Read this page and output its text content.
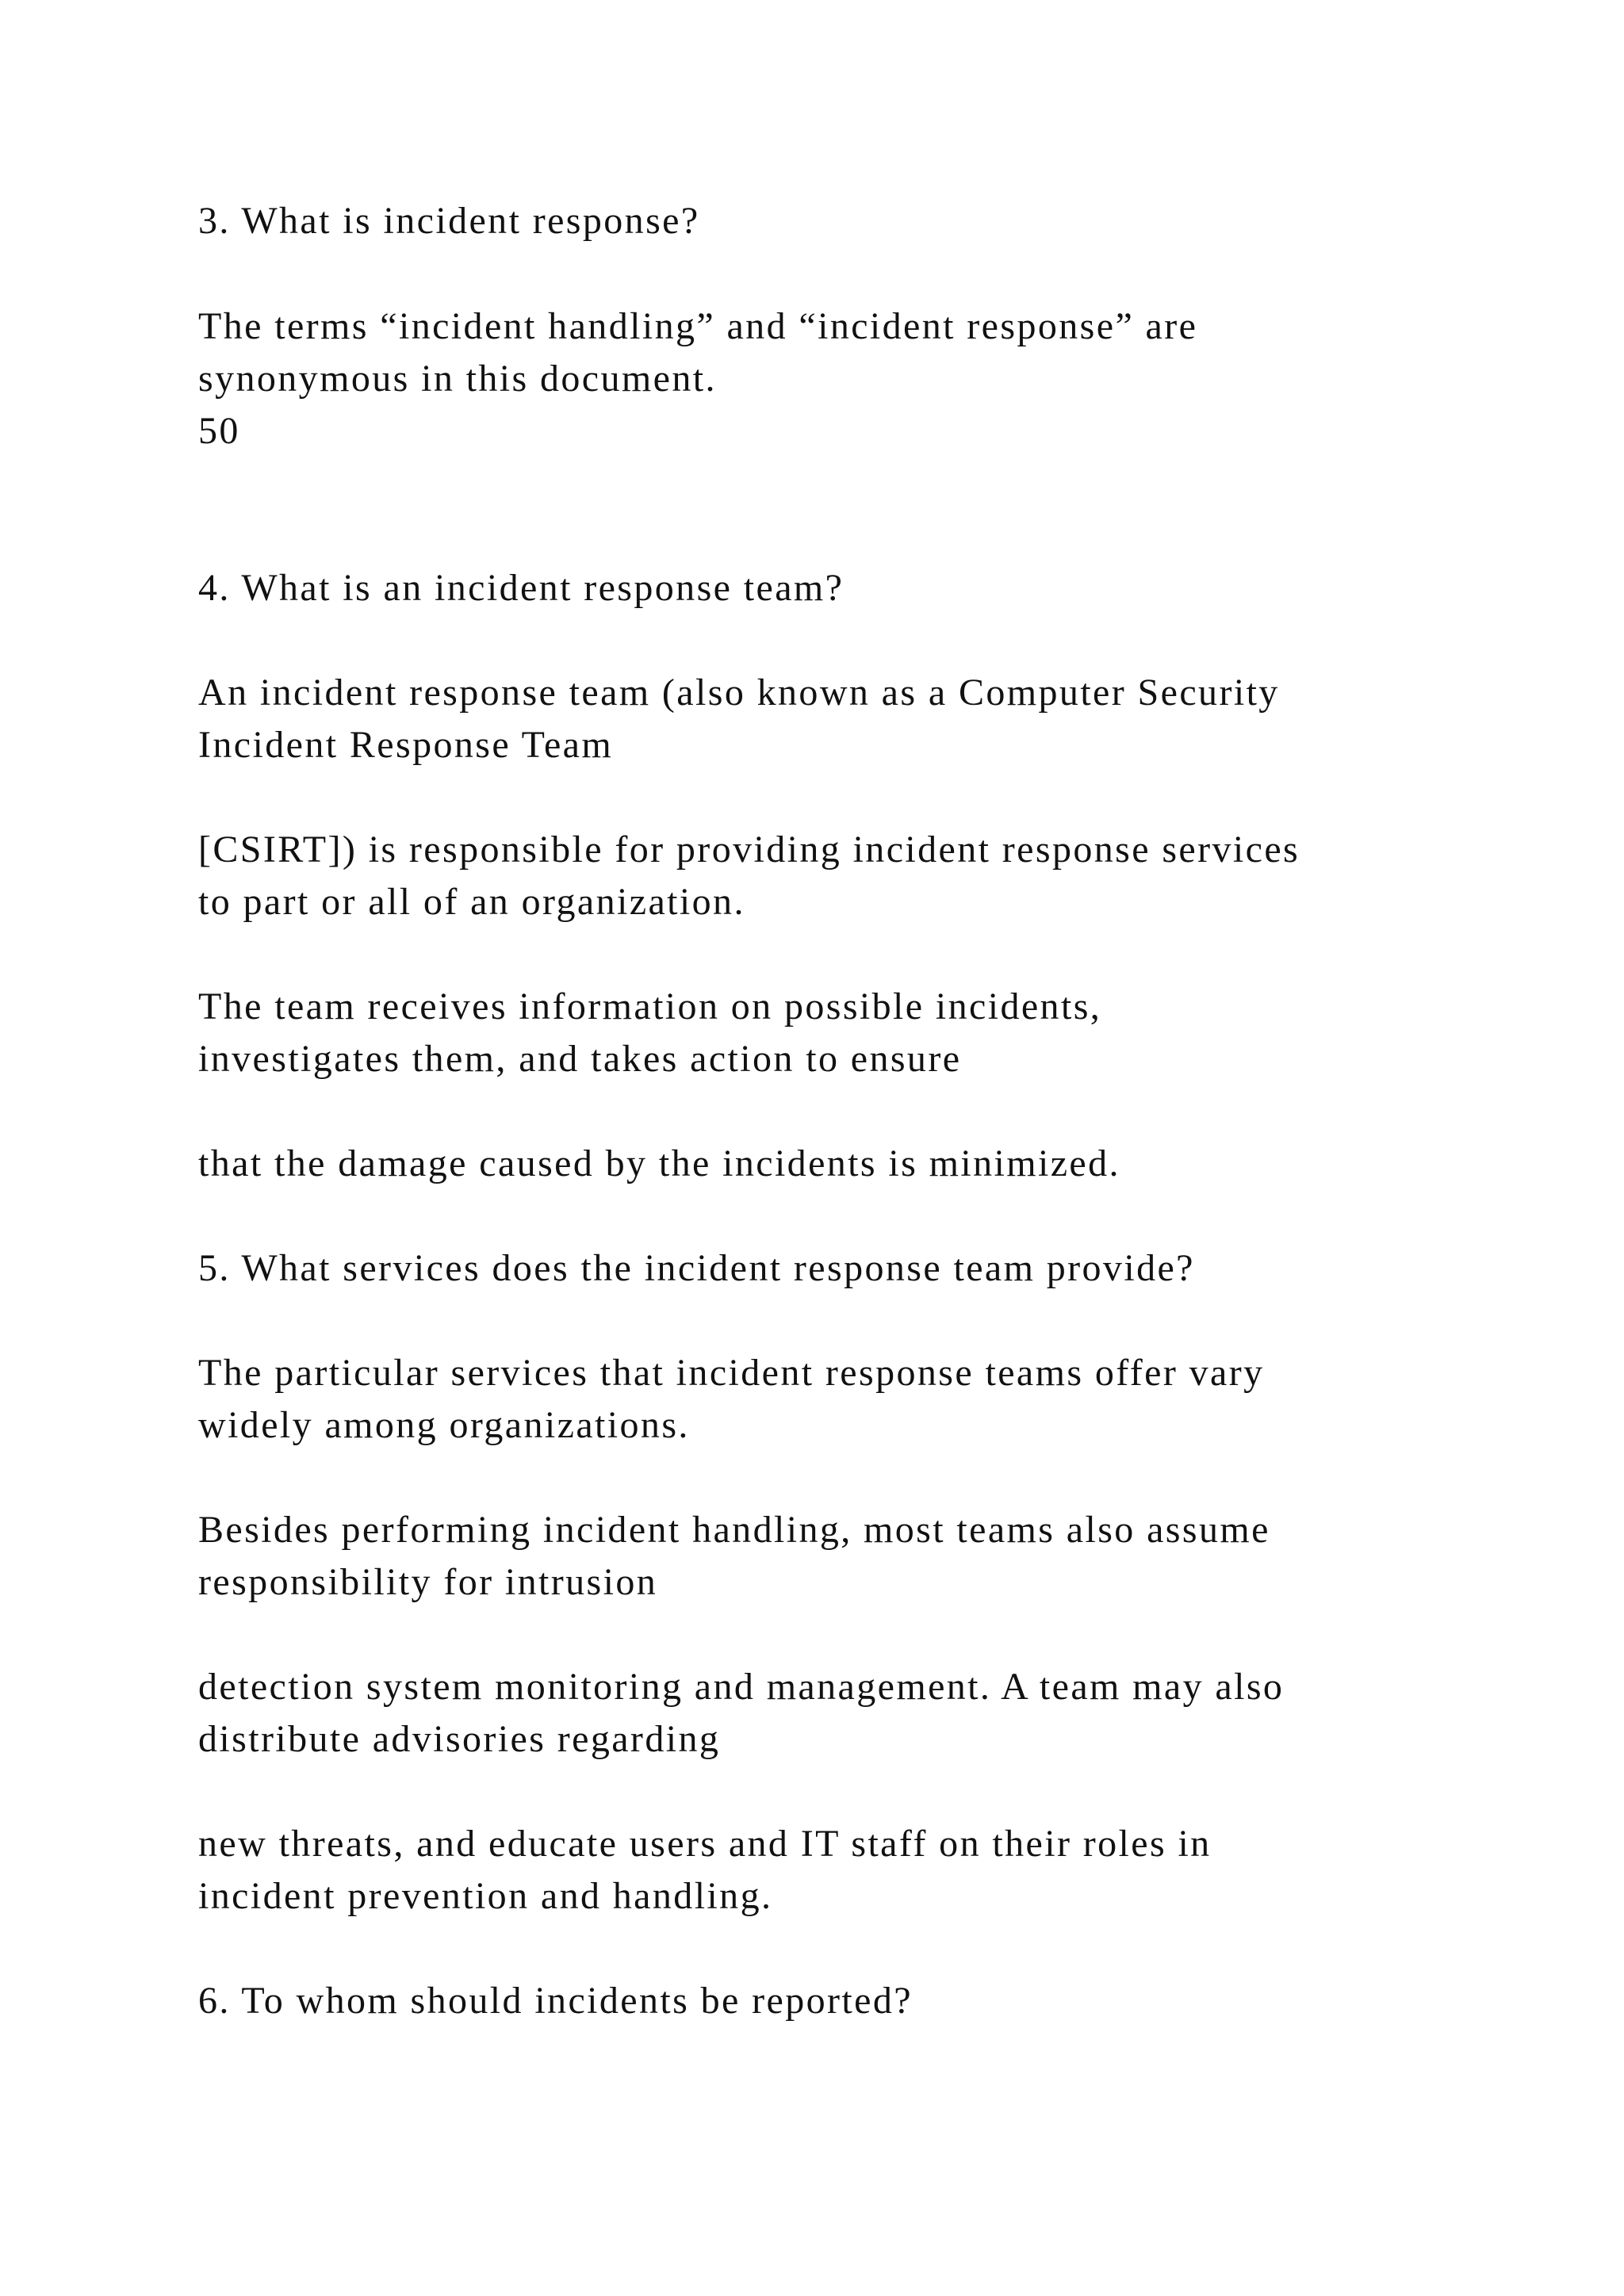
3. What is incident response?

The terms “incident handling” and “incident response” are

synonymous in this document.

50

4. What is an incident response team?

An incident response team (also known as a Computer Security

Incident Response Team

[CSIRT]) is responsible for providing incident response services

to part or all of an organization.

The team receives information on possible incidents,

investigates them, and takes action to ensure

that the damage caused by the incidents is minimized.

5. What services does the incident response team provide?

The particular services that incident response teams offer vary

widely among organizations.

Besides performing incident handling, most teams also assume

responsibility for intrusion

detection system monitoring and management. A team may also

distribute advisories regarding

new threats, and educate users and IT staff on their roles in

incident prevention and handling.

6. To whom should incidents be reported?
